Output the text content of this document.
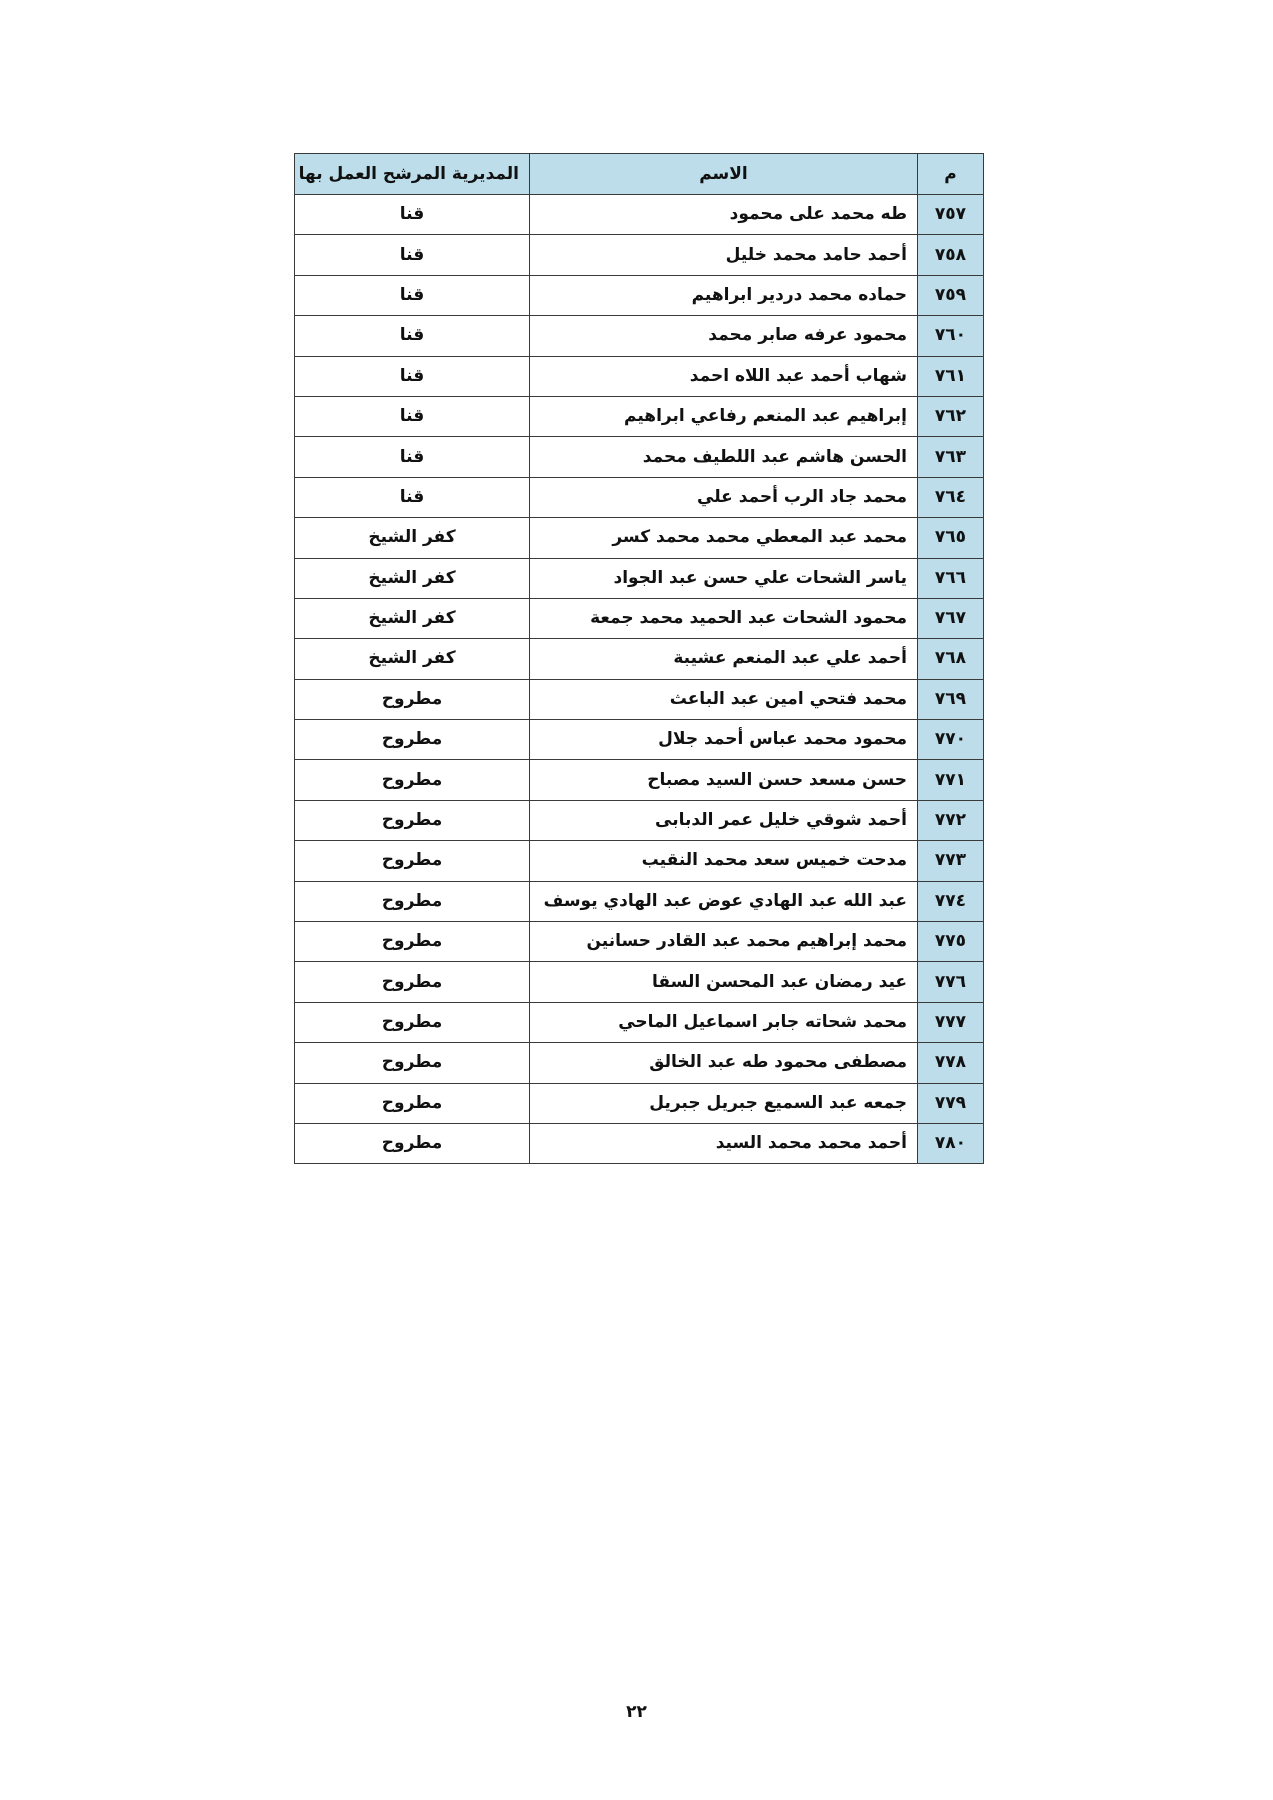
م	الاسم	المديرية المرشح العمل بها
٧٥٧	طه محمد على محمود	قنا
٧٥٨	أحمد حامد محمد خليل	قنا
٧٥٩	حماده محمد دردير ابراهيم	قنا
٧٦٠	محمود عرفه صابر محمد	قنا
٧٦١	شهاب أحمد عبد اللاه احمد	قنا
٧٦٢	إبراهيم عبد المنعم رفاعي ابراهيم	قنا
٧٦٣	الحسن هاشم عبد اللطيف محمد	قنا
٧٦٤	محمد جاد الرب أحمد علي	قنا
٧٦٥	محمد عبد المعطي محمد محمد كسر	كفر الشيخ
٧٦٦	ياسر الشحات علي حسن عبد الجواد	كفر الشيخ
٧٦٧	محمود الشحات عبد الحميد محمد جمعة	كفر الشيخ
٧٦٨	أحمد علي عبد المنعم عشيبة	كفر الشيخ
٧٦٩	محمد فتحي امين عبد الباعث	مطروح
٧٧٠	محمود محمد عباس أحمد جلال	مطروح
٧٧١	حسن مسعد حسن السيد مصباح	مطروح
٧٧٢	أحمد شوقي خليل عمر الدبابى	مطروح
٧٧٣	مدحت خميس سعد محمد النقيب	مطروح
٧٧٤	عبد الله عبد الهادي عوض عبد الهادي يوسف	مطروح
٧٧٥	محمد إبراهيم محمد عبد القادر حسانين	مطروح
٧٧٦	عيد رمضان عبد المحسن السقا	مطروح
٧٧٧	محمد شحاته جابر اسماعيل الماحي	مطروح
٧٧٨	مصطفى محمود طه عبد الخالق	مطروح
٧٧٩	جمعه عبد السميع جبريل جبريل	مطروح
٧٨٠	أحمد محمد محمد السيد	مطروح
٢٢
